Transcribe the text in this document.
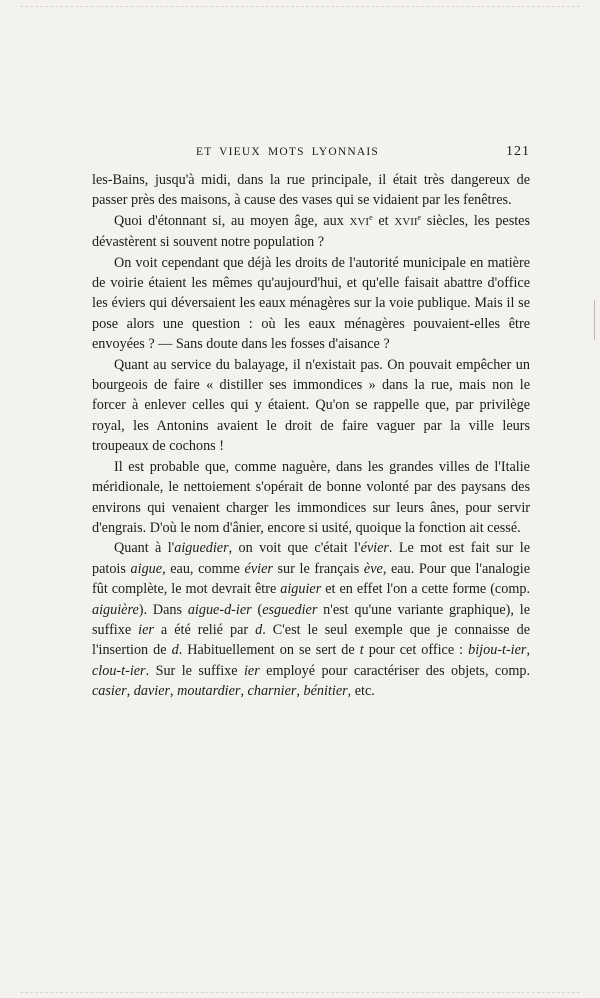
ET VIEUX MOTS LYONNAIS	121

les-Bains, jusqu'à midi, dans la rue principale, il était très dangereux de passer près des maisons, à cause des vases qui se vidaient par les fenêtres.

Quoi d'étonnant si, au moyen âge, aux XVIe et XVIIe siècles, les pestes dévastèrent si souvent notre population ?

On voit cependant que déjà les droits de l'autorité municipale en matière de voirie étaient les mêmes qu'aujourd'hui, et qu'elle faisait abattre d'office les éviers qui déversaient les eaux ménagères sur la voie publique. Mais il se pose alors une question : où les eaux ménagères pouvaient-elles être envoyées ? — Sans doute dans les fosses d'aisance ?

Quant au service du balayage, il n'existait pas. On pouvait empêcher un bourgeois de faire « distiller ses immondices » dans la rue, mais non le forcer à enlever celles qui y étaient. Qu'on se rappelle que, par privilège royal, les Antonins avaient le droit de faire vaguer par la ville leurs troupeaux de cochons !

Il est probable que, comme naguère, dans les grandes villes de l'Italie méridionale, le nettoiement s'opérait de bonne volonté par des paysans des environs qui venaient charger les immondices sur leurs ânes, pour servir d'engrais. D'où le nom d'ânier, encore si usité, quoique la fonction ait cessé.

Quant à l'aiguedier, on voit que c'était l'évier. Le mot est fait sur le patois aigue, eau, comme évier sur le français ève, eau. Pour que l'analogie fût complète, le mot devrait être aiguier et en effet l'on a cette forme (comp. aiguière). Dans aigue-d-ier (esguedier n'est qu'une variante graphique), le suffixe ier a été relié par d. C'est le seul exemple que je connaisse de l'insertion de d. Habituellement on se sert de t pour cet office : bijou-t-ier, clou-t-ier. Sur le suffixe ier employé pour caractériser des objets, comp. casier, davier, moutardier, charnier, bénitier, etc.
